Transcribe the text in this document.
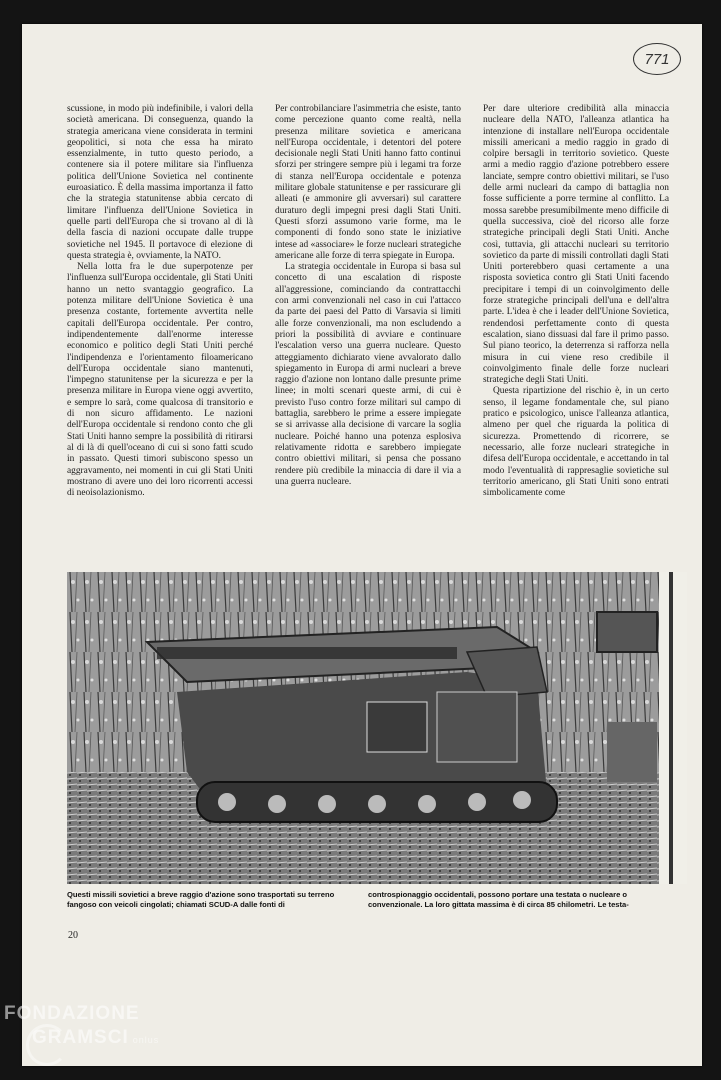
771

scussione, in modo più indefinibile, i valori della società americana. Di conseguenza, quando la strategia americana viene considerata in termini geopolitici, si nota che essa ha mirato essenzialmente, in tutto questo periodo, a contenere sia il potere militare sia l'influenza politica dell'Unione Sovietica nel continente euroasiatico. È della massima importanza il fatto che la strategia statunitense abbia cercato di limitare l'influenza dell'Unione Sovietica in quelle parti dell'Europa che si trovano al di là della fascia di nazioni occupate dalle truppe sovietiche nel 1945. Il portavoce di elezione di questa strategia è, ovviamente, la NATO.

Nella lotta fra le due superpotenze per l'influenza sull'Europa occidentale, gli Stati Uniti hanno un netto svantaggio geografico. La potenza militare dell'Unione Sovietica è una presenza costante, fortemente avvertita nelle capitali dell'Europa occidentale. Per contro, indipendentemente dall'enorme interesse economico e politico degli Stati Uniti perché l'indipendenza e l'orientamento filoamericano dell'Europa occidentale siano mantenuti, l'impegno statunitense per la sicurezza e per la presenza militare in Europa viene oggi avvertito, e sempre lo sarà, come qualcosa di transitorio e di non sicuro affidamento. Le nazioni dell'Europa occidentale si rendono conto che gli Stati Uniti hanno sempre la possibilità di ritirarsi al di là di quell'oceano di cui si sono fatti scudo in passato. Questi timori subiscono spesso un aggravamento, nei momenti in cui gli Stati Uniti mostrano di avere uno dei loro ricorrenti accessi di neoisolazionismo.

Per controbilanciare l'asimmetria che esiste, tanto come percezione quanto come realtà, nella presenza militare sovietica e americana nell'Europa occidentale, i detentori del potere decisionale negli Stati Uniti hanno fatto continui sforzi per stringere sempre più i legami tra forze di stanza nell'Europa occidentale e potenza militare globale statunitense e per rassicurare gli alleati (e ammonire gli avversari) sul carattere duraturo degli impegni presi dagli Stati Uniti. Questi sforzi assumono varie forme, ma le componenti di fondo sono state le iniziative intese ad «associare» le forze nucleari strategiche americane alle forze di terra spiegate in Europa.

La strategia occidentale in Europa si basa sul concetto di una escalation di risposte all'aggressione, cominciando da contrattacchi con armi convenzionali nel caso in cui l'attacco da parte dei paesi del Patto di Varsavia si limiti alle forze convenzionali, ma non escludendo a priori la possibilità di avviare e continuare l'escalation verso una guerra nucleare. Questo atteggiamento dichiarato viene avvalorato dallo spiegamento in Europa di armi nucleari a breve raggio d'azione non lontano dalle presunte prime linee; in molti scenari queste armi, di cui è previsto l'uso contro forze militari sul campo di battaglia, sarebbero le prime a essere impiegate se si arrivasse alla decisione di varcare la soglia nucleare. Poiché hanno una potenza esplosiva relativamente ridotta e sarebbero impiegate contro obiettivi militari, si pensa che possano rendere più credibile la minaccia di dare il via a una guerra nucleare.

Per dare ulteriore credibilità alla minaccia nucleare della NATO, l'alleanza atlantica ha intenzione di installare nell'Europa occidentale missili americani a medio raggio in grado di colpire bersagli in territorio sovietico. Queste armi a medio raggio d'azione potrebbero essere lanciate, sempre contro obiettivi militari, se l'uso delle armi nucleari da campo di battaglia non fosse sufficiente a porre termine al conflitto. La mossa sarebbe presumibilmente meno difficile di quella successiva, cioè del ricorso alle forze strategiche principali degli Stati Uniti. Anche così, tuttavia, gli attacchi nucleari su territorio sovietico da parte di missili controllati dagli Stati Uniti porterebbero quasi certamente a una risposta sovietica contro gli Stati Uniti facendo precipitare i tempi di un coinvolgimento delle forze strategiche principali dell'una e dell'altra parte. L'idea è che i leader dell'Unione Sovietica, rendendosi perfettamente conto di questa escalation, siano dissuasi dal fare il primo passo. Sul piano teorico, la deterrenza si rafforza nella misura in cui viene reso credibile il coinvolgimento finale delle forze nucleari strategiche degli Stati Uniti.

Questa ripartizione del rischio è, in un certo senso, il legame fondamentale che, sul piano pratico e psicologico, unisce l'alleanza atlantica, almeno per quel che riguarda la politica di sicurezza. Promettendo di ricorrere, se necessario, alle forze nucleari strategiche in difesa dell'Europa occidentale, e accettando in tal modo l'eventualità di rappresaglie sovietiche sul territorio americano, gli Stati Uniti sono entrati simbolicamente come

Questi missili sovietici a breve raggio d'azione sono trasportati su terreno fangoso con veicoli cingolati; chiamati SCUD-A dalle fonti di
controspionaggio occidentali, possono portare una testata o nucleare o convenzionale. La loro gittata massima è di circa 85 chilometri. Le testa-
20
FONDAZIONE
GRAMSCI onlus
